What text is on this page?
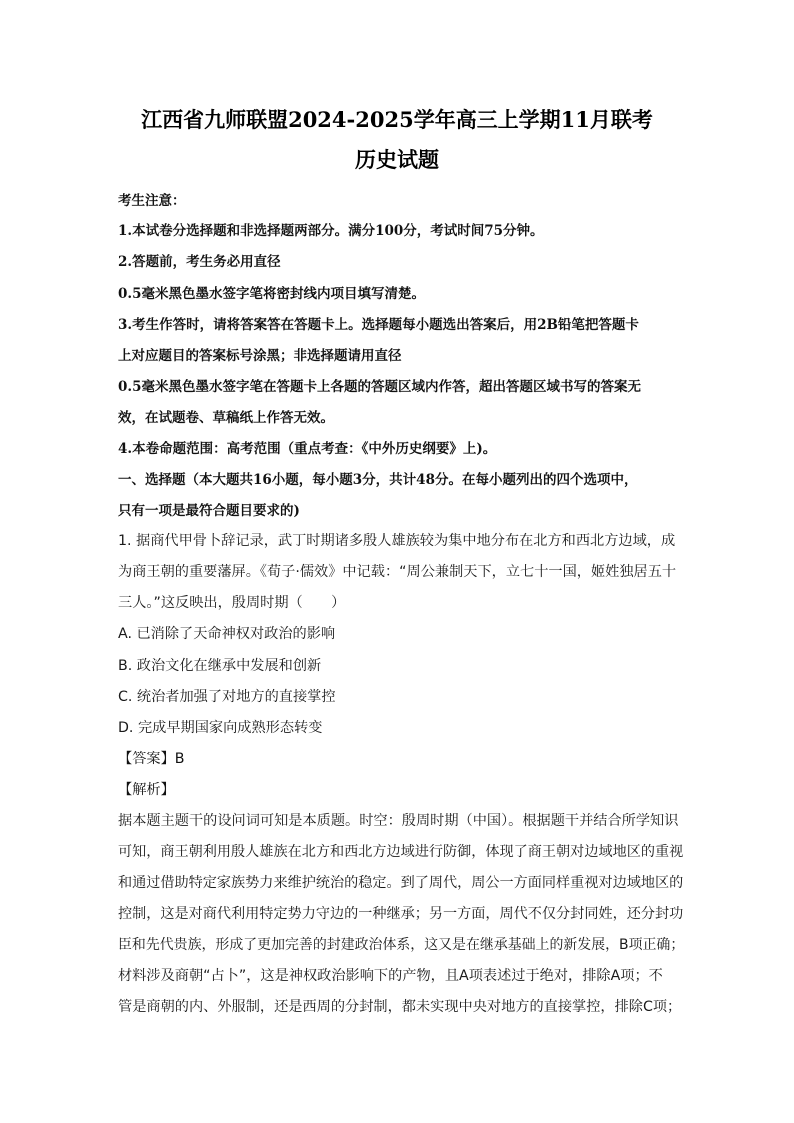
江西省九师联盟2024-2025学年高三上学期11月联考
历史试题
考生注意：
1.本试卷分选择题和非选择题两部分。满分100分，考试时间75分钟。
2.答题前，考生务必用直径
0.5毫米黑色墨水签字笔将密封线内项目填写清楚。
3.考生作答时，请将答案答在答题卡上。选择题每小题选出答案后，用2B铅笔把答题卡
上对应题目的答案标号涂黑；非选择题请用直径
0.5毫米黑色墨水签字笔在答题卡上各题的答题区域内作答，超出答题区域书写的答案无
效，在试题卷、草稿纸上作答无效。
4.本卷命题范围：高考范围（重点考查：《中外历史纲要》上)。
一、选择题（本大题共16小题，每小题3分，共计48分。在每小题列出的四个选项中，
只有一项是最符合题目要求的)
1. 据商代甲骨卜辞记录，武丁时期诸多殷人雄族较为集中地分布在北方和西北方边域，成
为商王朝的重要藩屏。《荀子·儒效》中记载：“周公兼制天下，立七十一国，姬姓独居五十
三人。”这反映出，殷周时期（　　）
A. 已消除了天命神权对政治的影响
B. 政治文化在继承中发展和创新
C. 统治者加强了对地方的直接掌控
D. 完成早期国家向成熟形态转变
【答案】B
【解析】
据本题主题干的设问词可知是本质题。时空：殷周时期（中国）。根据题干并结合所学知识
可知，商王朝利用殷人雄族在北方和西北方边域进行防御，体现了商王朝对边域地区的重视
和通过借助特定家族势力来维护统治的稳定。到了周代，周公一方面同样重视对边域地区的
控制，这是对商代利用特定势力守边的一种继承；另一方面，周代不仅分封同姓，还分封功
臣和先代贵族，形成了更加完善的封建政治体系，这又是在继承基础上的新发展，B项正确；
材料涉及商朝“占卜”，这是神权政治影响下的产物，且A项表述过于绝对，排除A项；不
管是商朝的内、外服制，还是西周的分封制，都未实现中央对地方的直接掌控，排除C项；
